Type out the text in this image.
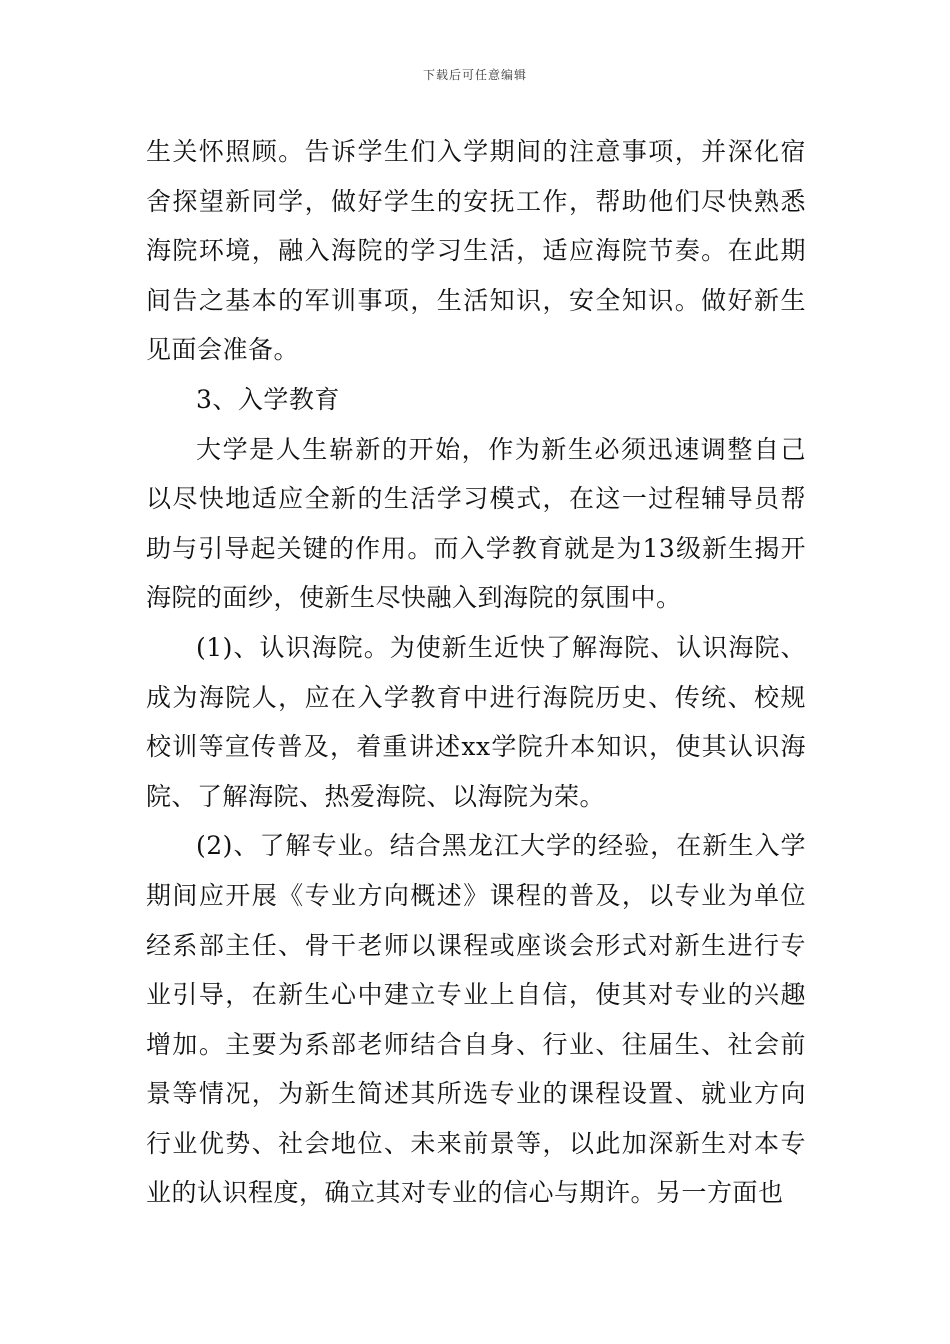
下载后可任意编辑

生关怀照顾。告诉学生们入学期间的注意事项，并深化宿舍探望新同学，做好学生的安抚工作，帮助他们尽快熟悉海院环境，融入海院的学习生活，适应海院节奏。在此期间告之基本的军训事项，生活知识，安全知识。做好新生见面会准备。

3、入学教育

大学是人生崭新的开始，作为新生必须迅速调整自己以尽快地适应全新的生活学习模式，在这一过程辅导员帮助与引导起关键的作用。而入学教育就是为13级新生揭开海院的面纱，使新生尽快融入到海院的氛围中。

(1)、认识海院。为使新生近快了解海院、认识海院、成为海院人，应在入学教育中进行海院历史、传统、校规校训等宣传普及，着重讲述xx学院升本知识，使其认识海院、了解海院、热爱海院、以海院为荣。

(2)、了解专业。结合黑龙江大学的经验，在新生入学期间应开展《专业方向概述》课程的普及，以专业为单位经系部主任、骨干老师以课程或座谈会形式对新生进行专业引导，在新生心中建立专业上自信，使其对专业的兴趣增加。主要为系部老师结合自身、行业、往届生、社会前景等情况，为新生简述其所选专业的课程设置、就业方向行业优势、社会地位、未来前景等，以此加深新生对本专业的认识程度，确立其对专业的信心与期许。另一方面也
